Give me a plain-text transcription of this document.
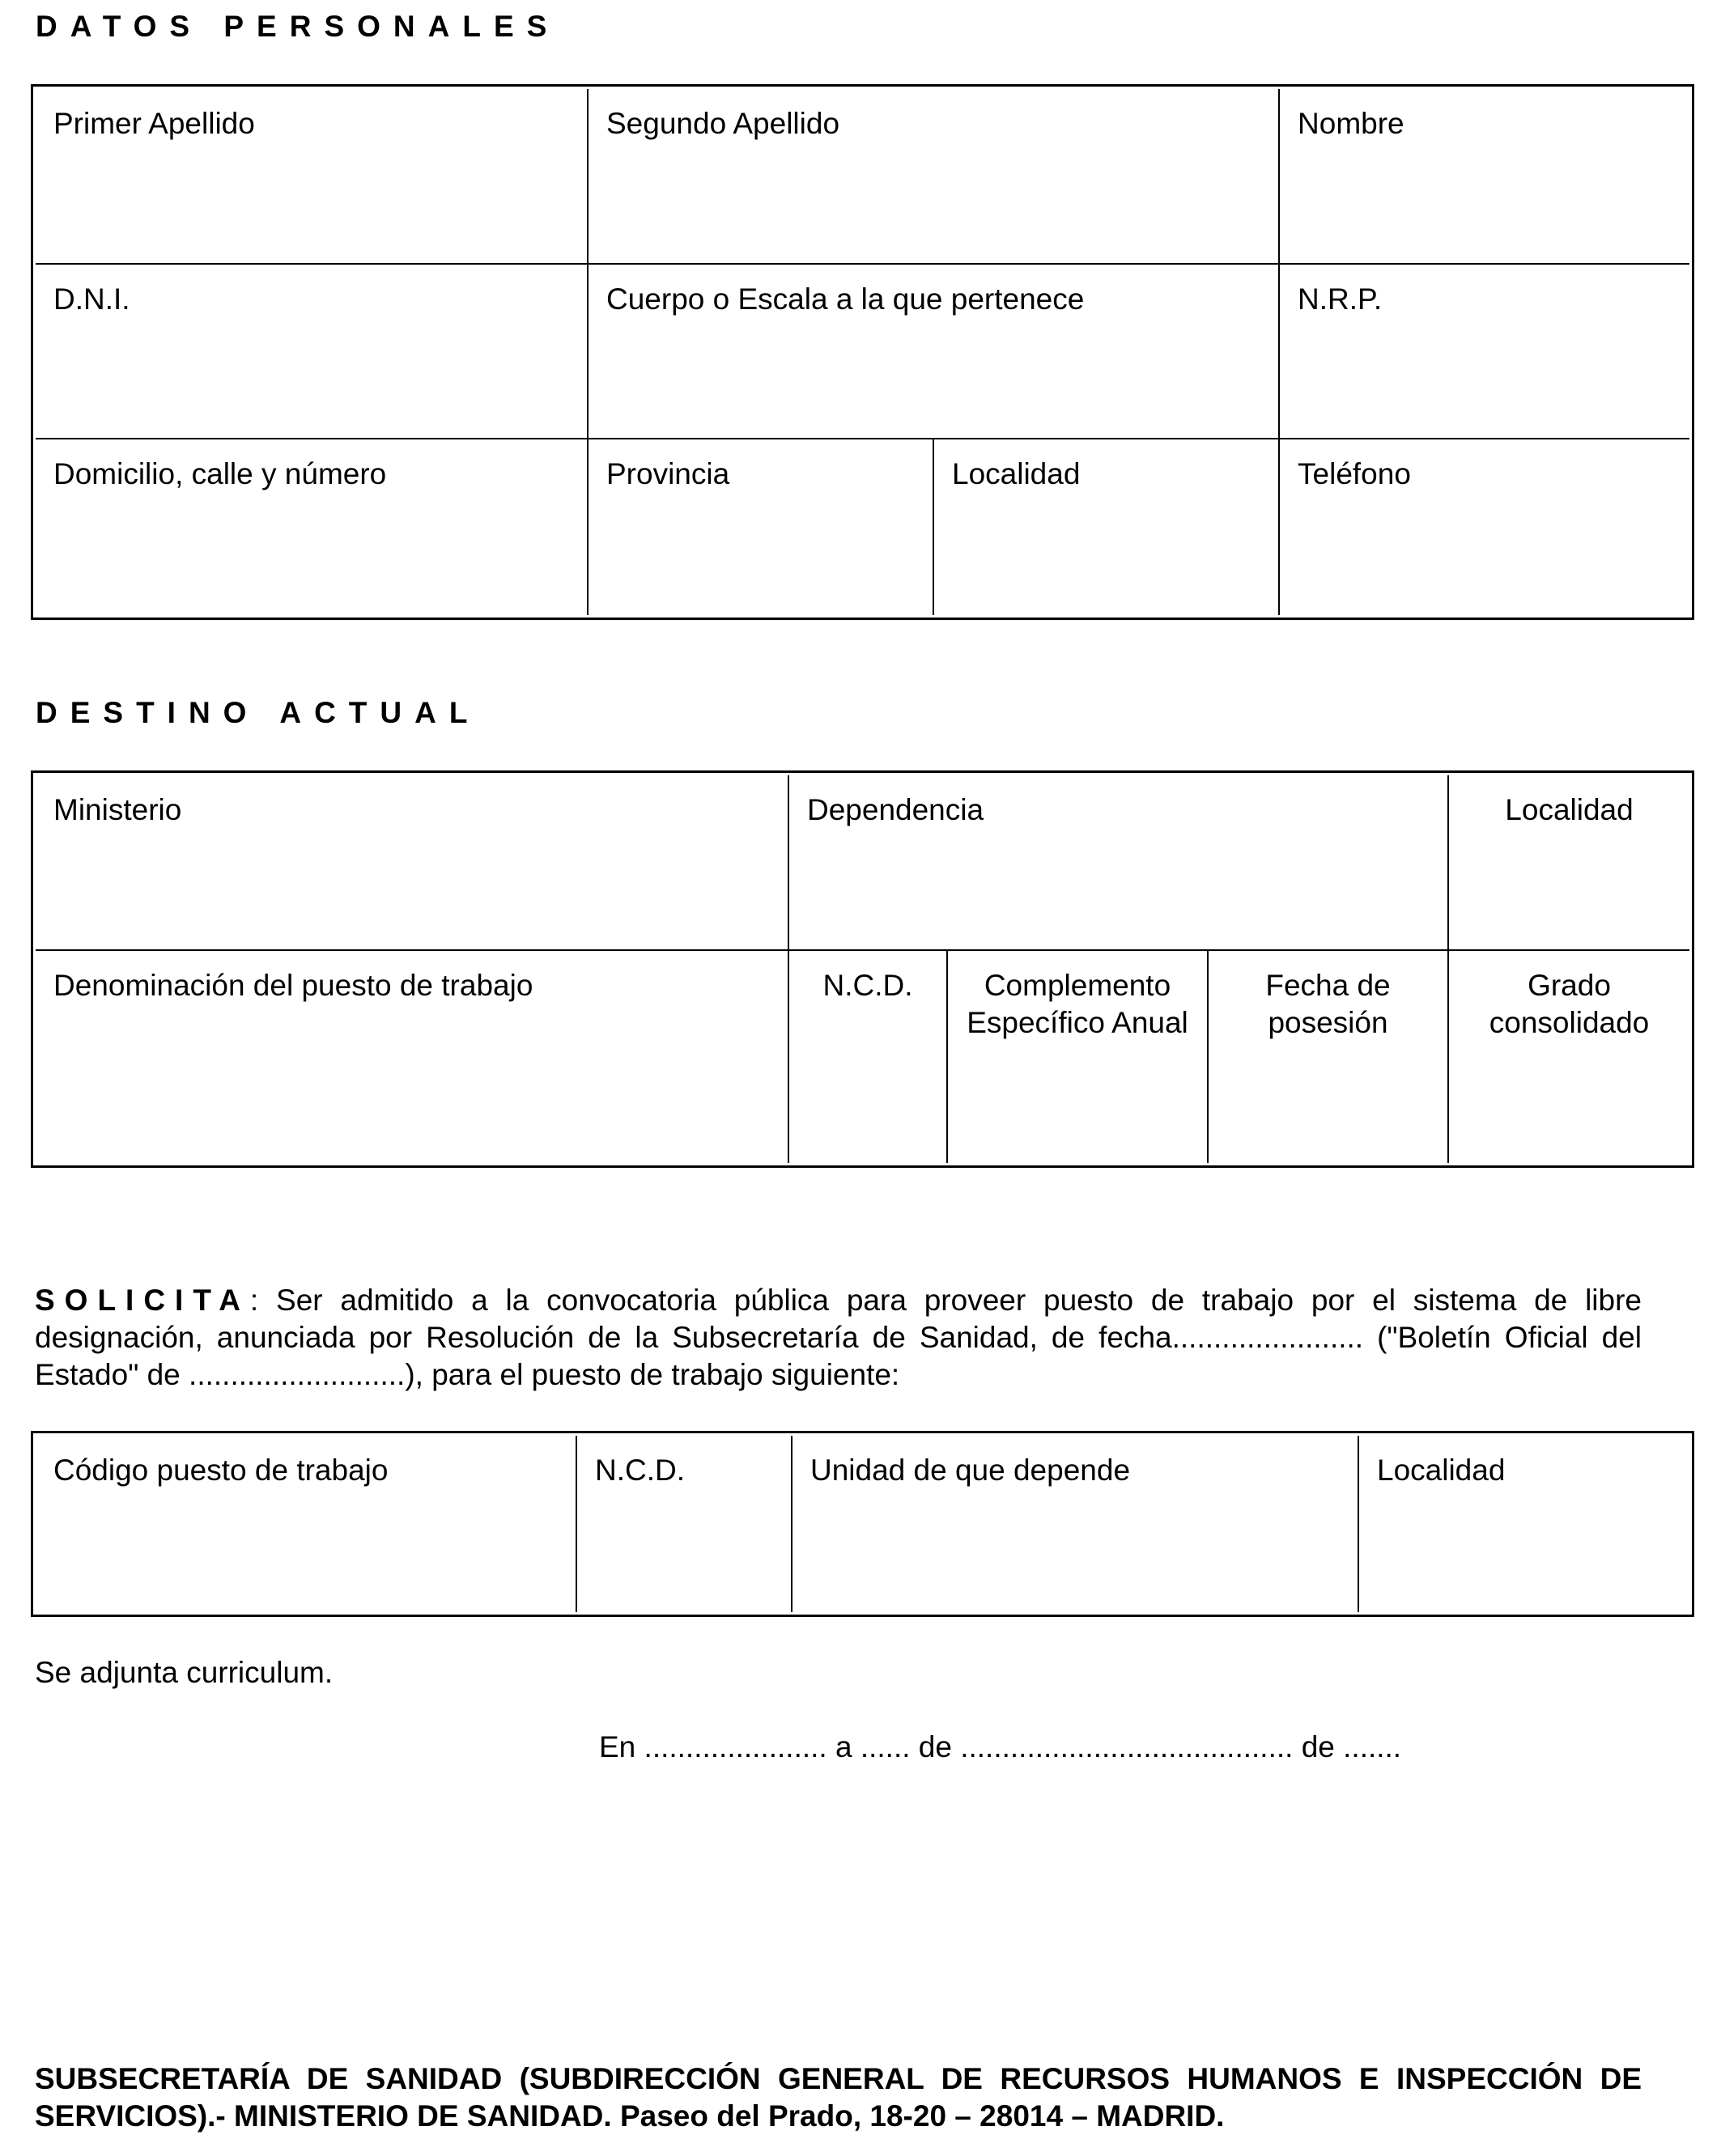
DATOS PERSONALES
Primer Apellido	Segundo Apellido		Nombre
D.N.I.	Cuerpo o Escala a la que pertenece		N.R.P.
Domicilio, calle y número	Provincia	Localidad	Teléfono
DESTINO ACTUAL
Ministerio	Dependencia			Localidad
Denominación del puesto de trabajo	N.C.D.	Complemento Específico Anual	Fecha de posesión	Grado consolidado
SOLICITA: Ser admitido a la convocatoria pública para proveer puesto de trabajo por el sistema de libre designación, anunciada por Resolución de la Subsecretaría de Sanidad, de fecha....................... ("Boletín Oficial del Estado" de ..........................), para el puesto de trabajo siguiente:
Código puesto de trabajo	N.C.D.	Unidad de que depende	Localidad
Se adjunta curriculum.
En ...................... a ...... de ........................................ de .......
SUBSECRETARÍA DE SANIDAD (SUBDIRECCIÓN GENERAL DE RECURSOS HUMANOS E INSPECCIÓN DE SERVICIOS).- MINISTERIO DE SANIDAD. Paseo del Prado, 18-20 – 28014 – MADRID.
